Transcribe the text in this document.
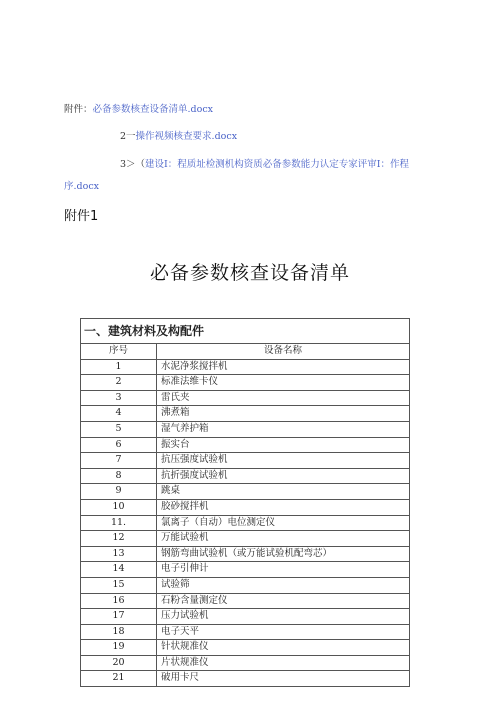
附件：必备参数核查设备清单.docx
2一操作视频核查要求.docx
3＞（建设I：程质址检测机构资质必备参数能力认定专家评审I：作程
序.docx
附件1
必备参数核查设备清单
一、建筑材料及构配件	
序号	设备名称
1	水泥净浆搅拌机
2	标准法维卡仪
3	雷氏夹
4	沸煮箱
5	湿气养护箱
6	振实台
7	抗压强度试验机
8	抗折强度试验机
9	跳桌
10	胶砂搅拌机
11.	氯离子（自动）电位测定仪
12	万能试验机
13	钢筋弯曲试验机（或万能试验机配弯芯）
14	电子引伸计
15	试验筛
16	石粉含量测定仪
17	压力试验机
18	电子天平
19	针状规准仪
20	片状规准仪
21	破用卡尺
